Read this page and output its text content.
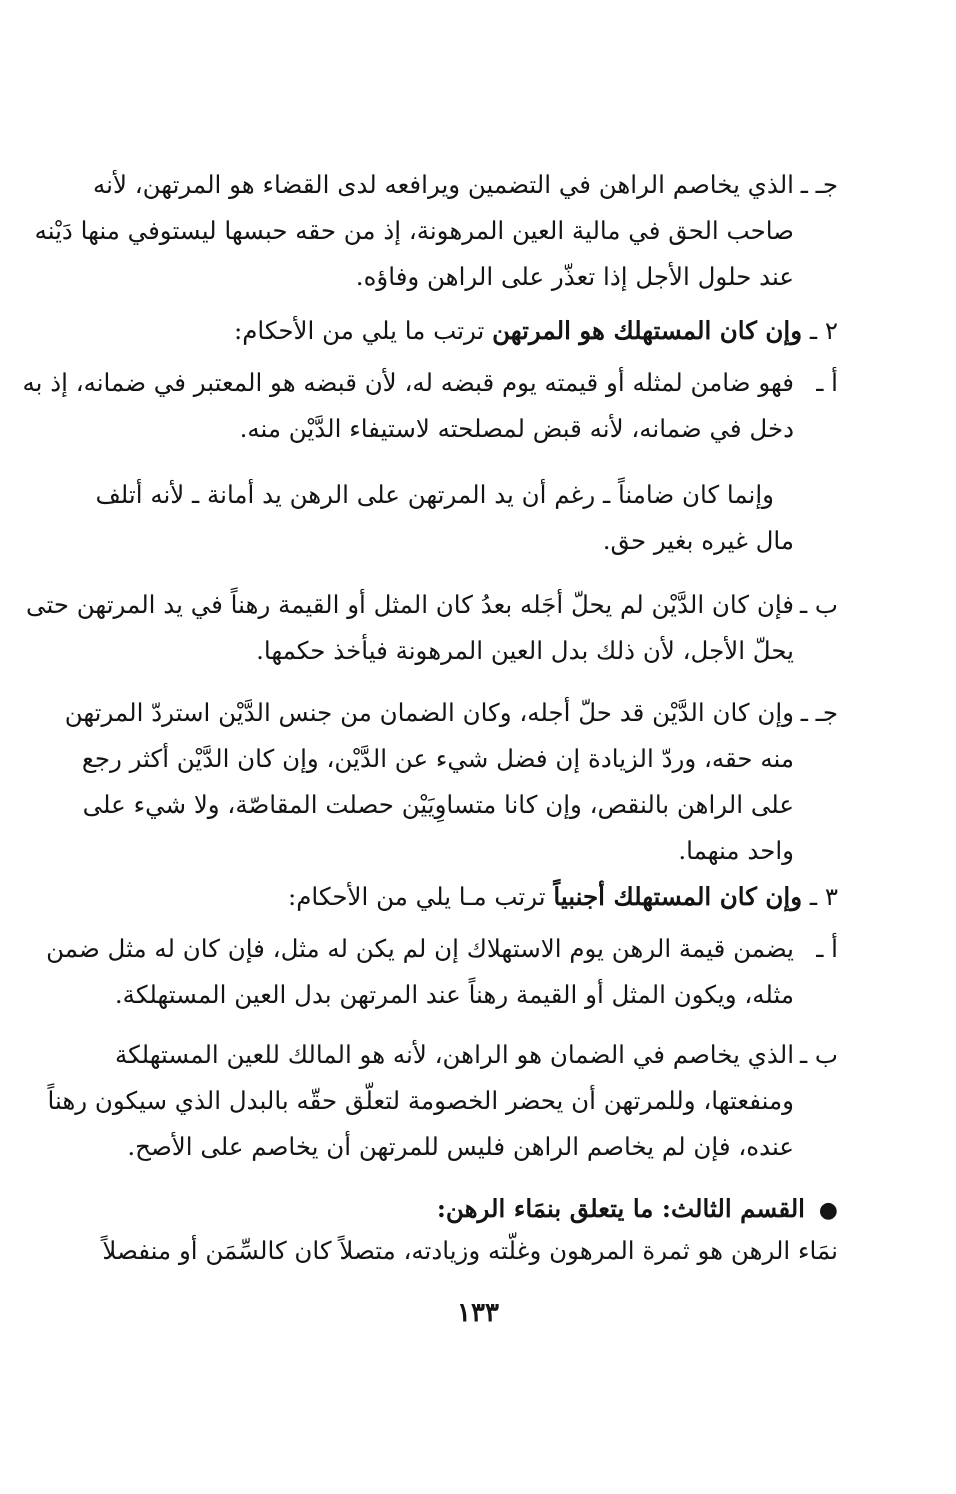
جـ ـ
الذي يخاصم الراهن في التضمين ويرافعه لدى القضاء هو المرتهن، لأنه
صاحب الحق في مالية العين المرهونة، إذ من حقه حبسها ليستوفي منها دَيْنه
عند حلول الأجل إذا تعذّر على الراهن وفاؤه.
٢ ـ وإن كان المستهلك هو المرتهن ترتب ما يلي من الأحكام:
أ ـ
فهو ضامن لمثله أو قيمته يوم قبضه له، لأن قبضه هو المعتبر في ضمانه، إذ به
دخل في ضمانه، لأنه قبض لمصلحته لاستيفاء الدَّيْن منه.
وإنما كان ضامناً ـ رغم أن يد المرتهن على الرهن يد أمانة ـ لأنه أتلف
مال غيره بغير حق.
ب ـ
فإن كان الدَّيْن لم يحلّ أجَله بعدُ كان المثل أو القيمة رهناً في يد المرتهن حتى
يحلّ الأجل، لأن ذلك بدل العين المرهونة فيأخذ حكمها.
جـ ـ
وإن كان الدَّيْن قد حلّ أجله، وكان الضمان من جنس الدَّيْن استردّ المرتهن
منه حقه، وردّ الزيادة إن فضل شيء عن الدَّيْن، وإن كان الدَّيْن أكثر رجع
على الراهن بالنقص، وإن كانا متساوِيَيْن حصلت المقاصّة، ولا شيء على
واحد منهما.
٣ ـ وإن كان المستهلك أجنبياً ترتب مـا يلي من الأحكام:
أ ـ
يضمن قيمة الرهن يوم الاستهلاك إن لم يكن له مثل، فإن كان له مثل ضمن
مثله، ويكون المثل أو القيمة رهناً عند المرتهن بدل العين المستهلكة.
ب ـ
الذي يخاصم في الضمان هو الراهن، لأنه هو المالك للعين المستهلكة
ومنفعتها، وللمرتهن أن يحضر الخصومة لتعلّق حقّه بالبدل الذي سيكون رهناً
عنده، فإن لم يخاصم الراهن فليس للمرتهن أن يخاصم على الأصح.
● القسم الثالث: ما يتعلق بنمَاء الرهن:
نمَاء الرهن هو ثمرة المرهون وغلّته وزيادته، متصلاً كان كالسِّمَن أو منفصلاً
١٣٣
